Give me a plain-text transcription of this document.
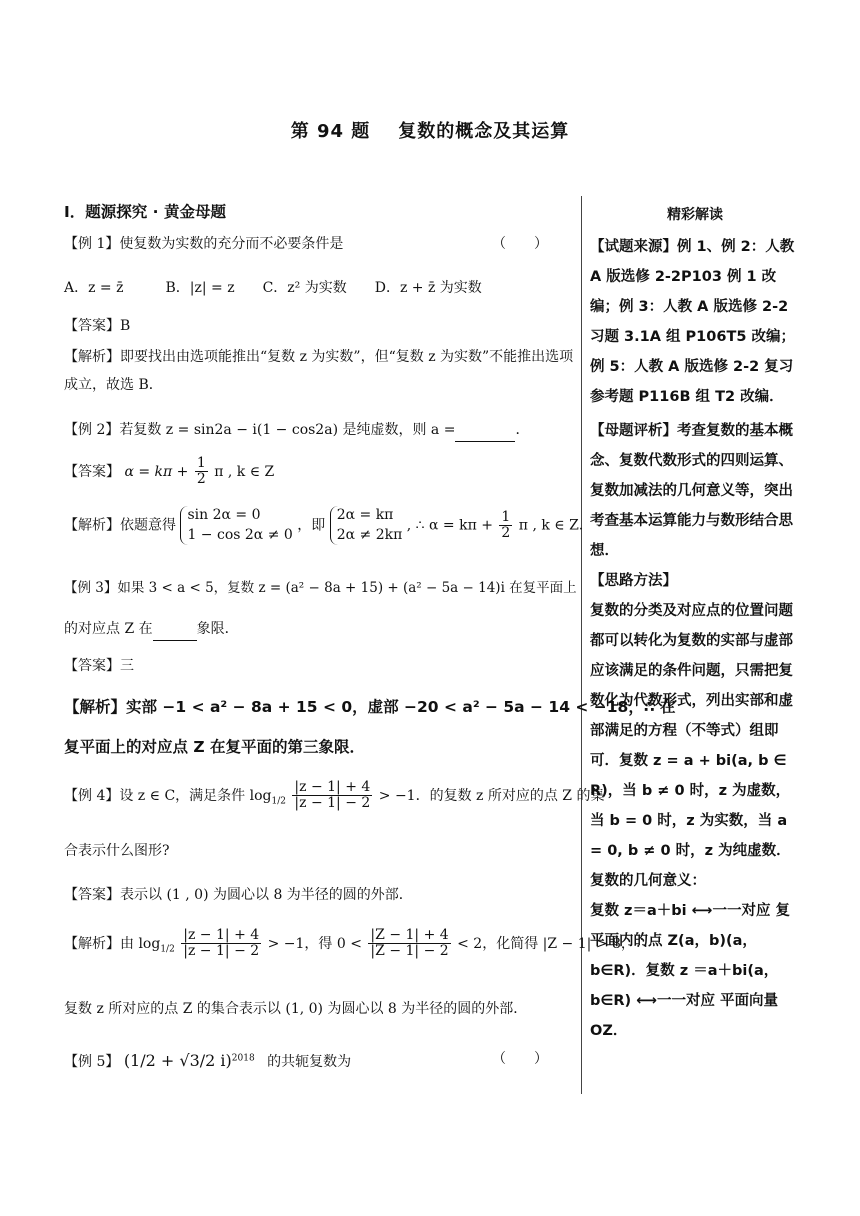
第 94 题 复数的概念及其运算

I．题源探究 · 黄金母题

【例 1】使复数为实数的充分而不必要条件是	（　　）
A．z = z̄　　　B．|z| = z　　C．z² 为实数　　D．z + z̄ 为实数
【答案】B
【解析】即要找出由选项能推出“复数 z 为实数”，但“复数 z 为实数”不能推出选项成立，故选 B．
【例 2】若复数 z = sin2a − i(1 − cos2a) 是纯虚数，则 a =	．
【答案】 $\alpha = k\pi + \frac{1}{2}$ π , k ∈ Z
【解析】依题意得 sin 2α = 0
1 − cos 2α ≠ 0 ，即 2α = kπ
2α ≠ 2kπ , ∴ $\alpha = k\pi + \frac{1}{2}$ π , k ∈ Z．
【例 3】如果 3 < a < 5，复数 z = (a² − 8a + 15) + (a² − 5a − 14)i 在复平面上
的对应点 Z 在	象限．
【答案】三
【解析】实部 −1 < a² − 8a + 15 < 0，虚部 −20 < a² − 5a − 14 < −18，∴ 在
复平面上的对应点 Z 在复平面的第三象限．
【例 4】设 z ∈ C，满足条件 $\log_{1/2} \frac{|z - 1| + 4}{|z - 1| - 2} > -1$．的复数 z 所对应的点 Z 的集
合表示什么图形?
【答案】表示以 (1 , 0) 为圆心以 8 为半径的圆的外部．
【解析】由 $\log_{1/2} \frac{|z - 1| + 4}{|z - 1| - 2} > -1$，得 $0 < \frac{|Z - 1| + 4}{|Z - 1| - 2} < 2$，化简得 |Z − 1| > 8，∴
复数 z 所对应的点 Z 的集合表示以 (1, 0) 为圆心以 8 为半径的圆的外部．
【例 5】 (1/2 + √3/2 i)$^{2018}$ 的共轭复数为	（　　）
精彩解读
【试题来源】例 1、例 2：人教 A 版选修 2-2P103 例 1 改编；例 3：人教 A 版选修 2-2 习题 3.1A 组 P106T5 改编；例 5：人教 A 版选修 2-2 复习参考题 P116B 组 T2 改编．
【母题评析】考查复数的基本概念、复数代数形式的四则运算、复数加减法的几何意义等，突出考查基本运算能力与数形结合思想．
【思路方法】
复数的分类及对应点的位置问题都可以转化为复数的实部与虚部应该满足的条件问题，只需把复数化为代数形式，列出实部和虚部满足的方程（不等式）组即可．复数 z = a + bi(a, b ∈ R)，当 b ≠ 0 时，z 为虚数，当 b = 0 时，z 为实数，当 a = 0, b ≠ 0 时，z 为纯虚数．复数的几何意义：
复数 z＝a＋bi ⟷一一对应 复平面内的点 Z(a，b)(a，b∈R)．复数 z ＝a＋bi(a，b∈R) ⟷一一对应 平面向量 OZ．
